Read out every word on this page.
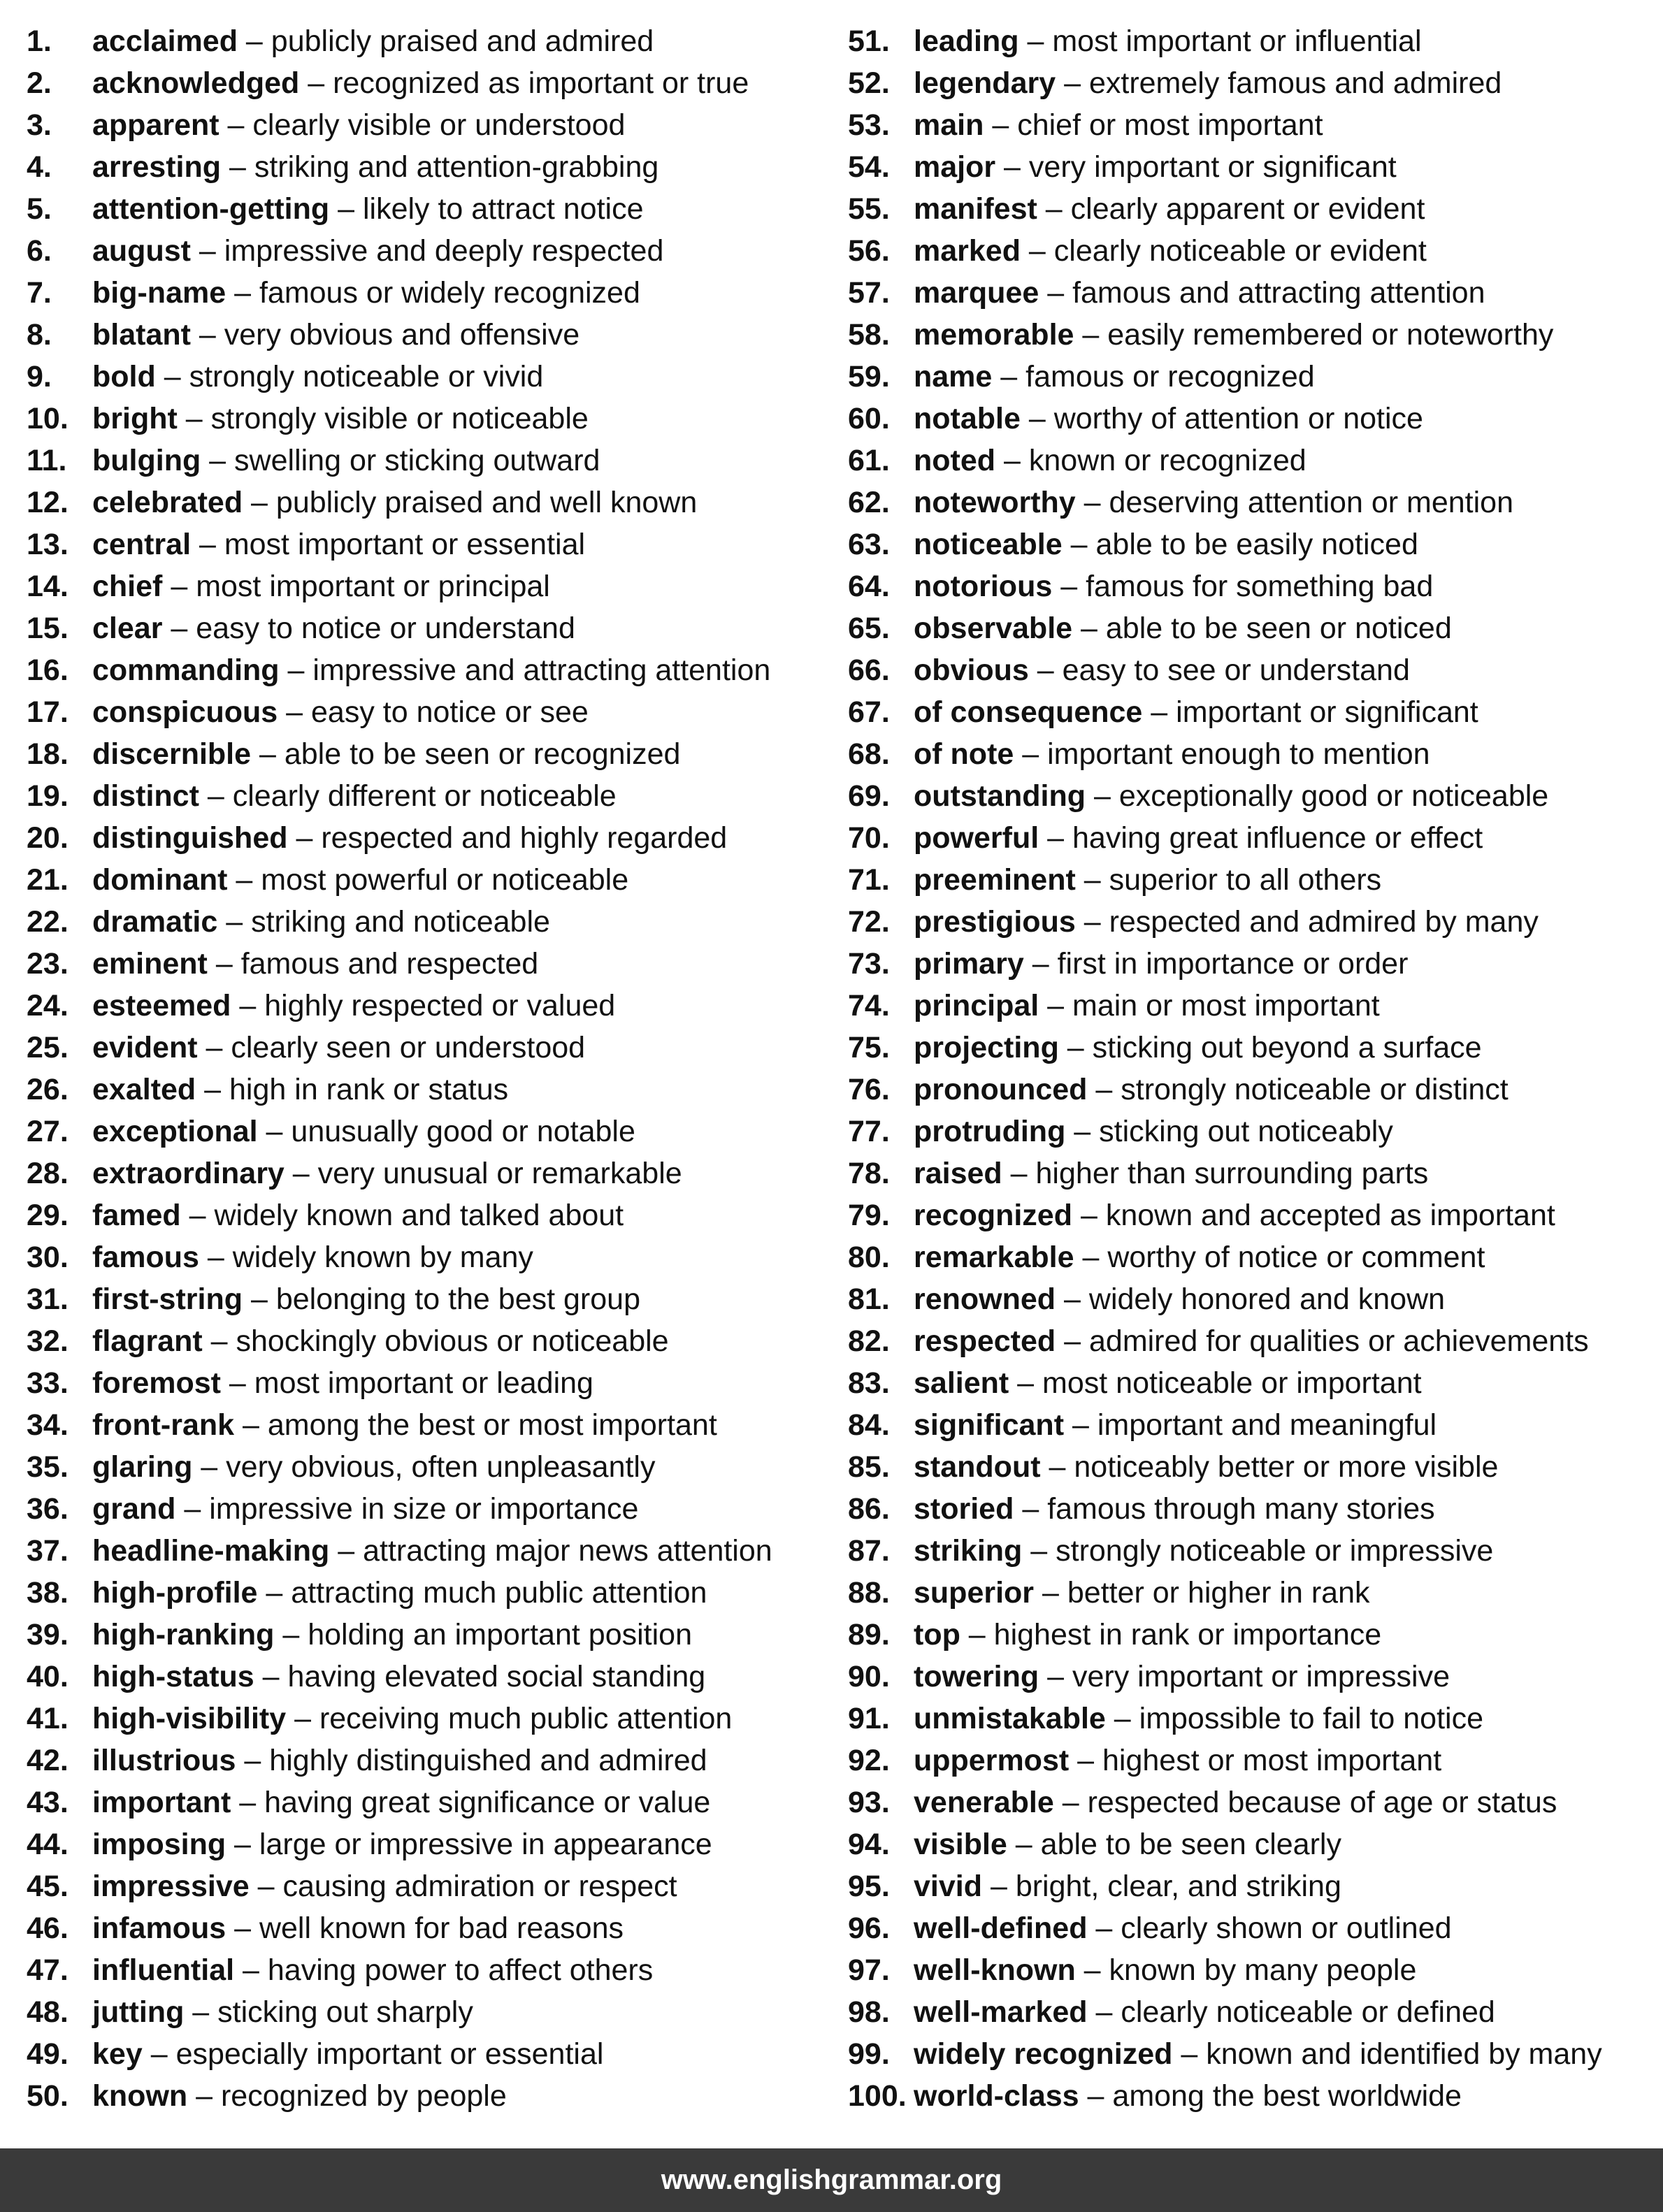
1. acclaimed – publicly praised and admired
2. acknowledged – recognized as important or true
3. apparent – clearly visible or understood
4. arresting – striking and attention-grabbing
5. attention-getting – likely to attract notice
6. august – impressive and deeply respected
7. big-name – famous or widely recognized
8. blatant – very obvious and offensive
9. bold – strongly noticeable or vivid
10. bright – strongly visible or noticeable
11. bulging – swelling or sticking outward
12. celebrated – publicly praised and well known
13. central – most important or essential
14. chief – most important or principal
15. clear – easy to notice or understand
16. commanding – impressive and attracting attention
17. conspicuous – easy to notice or see
18. discernible – able to be seen or recognized
19. distinct – clearly different or noticeable
20. distinguished – respected and highly regarded
21. dominant – most powerful or noticeable
22. dramatic – striking and noticeable
23. eminent – famous and respected
24. esteemed – highly respected or valued
25. evident – clearly seen or understood
26. exalted – high in rank or status
27. exceptional – unusually good or notable
28. extraordinary – very unusual or remarkable
29. famed – widely known and talked about
30. famous – widely known by many
31. first-string – belonging to the best group
32. flagrant – shockingly obvious or noticeable
33. foremost – most important or leading
34. front-rank – among the best or most important
35. glaring – very obvious, often unpleasantly
36. grand – impressive in size or importance
37. headline-making – attracting major news attention
38. high-profile – attracting much public attention
39. high-ranking – holding an important position
40. high-status – having elevated social standing
41. high-visibility – receiving much public attention
42. illustrious – highly distinguished and admired
43. important – having great significance or value
44. imposing – large or impressive in appearance
45. impressive – causing admiration or respect
46. infamous – well known for bad reasons
47. influential – having power to affect others
48. jutting – sticking out sharply
49. key – especially important or essential
50. known – recognized by people
51. leading – most important or influential
52. legendary – extremely famous and admired
53. main – chief or most important
54. major – very important or significant
55. manifest – clearly apparent or evident
56. marked – clearly noticeable or evident
57. marquee – famous and attracting attention
58. memorable – easily remembered or noteworthy
59. name – famous or recognized
60. notable – worthy of attention or notice
61. noted – known or recognized
62. noteworthy – deserving attention or mention
63. noticeable – able to be easily noticed
64. notorious – famous for something bad
65. observable – able to be seen or noticed
66. obvious – easy to see or understand
67. of consequence – important or significant
68. of note – important enough to mention
69. outstanding – exceptionally good or noticeable
70. powerful – having great influence or effect
71. preeminent – superior to all others
72. prestigious – respected and admired by many
73. primary – first in importance or order
74. principal – main or most important
75. projecting – sticking out beyond a surface
76. pronounced – strongly noticeable or distinct
77. protruding – sticking out noticeably
78. raised – higher than surrounding parts
79. recognized – known and accepted as important
80. remarkable – worthy of notice or comment
81. renowned – widely honored and known
82. respected – admired for qualities or achievements
83. salient – most noticeable or important
84. significant – important and meaningful
85. standout – noticeably better or more visible
86. storied – famous through many stories
87. striking – strongly noticeable or impressive
88. superior – better or higher in rank
89. top – highest in rank or importance
90. towering – very important or impressive
91. unmistakable – impossible to fail to notice
92. uppermost – highest or most important
93. venerable – respected because of age or status
94. visible – able to be seen clearly
95. vivid – bright, clear, and striking
96. well-defined – clearly shown or outlined
97. well-known – known by many people
98. well-marked – clearly noticeable or defined
99. widely recognized – known and identified by many
100. world-class – among the best worldwide
www.englishgrammar.org
